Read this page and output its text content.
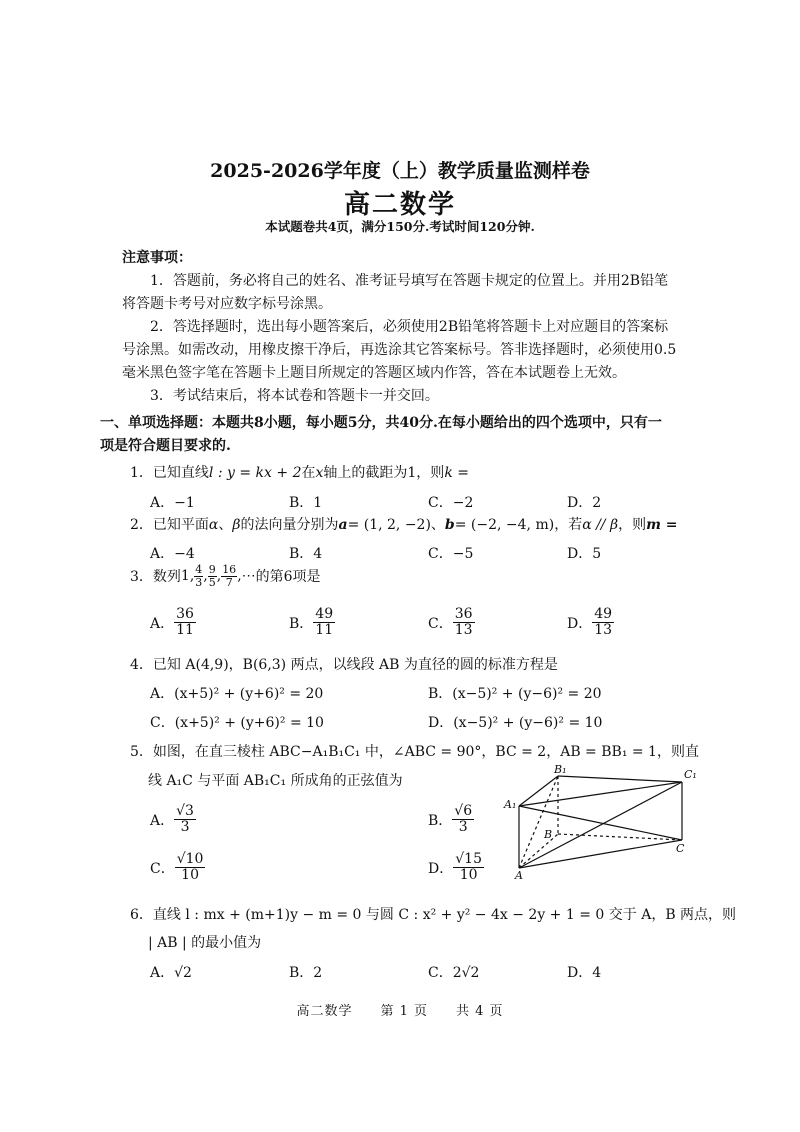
2025-2026学年度（上）教学质量监测样卷
高二数学
本试题卷共4页，满分150分.考试时间120分钟.
注意事项：
1．答题前，务必将自己的姓名、准考证号填写在答题卡规定的位置上。并用2B铅笔将答题卡考号对应数字标号涂黑。
2．答选择题时，选出每小题答案后，必须使用2B铅笔将答题卡上对应题目的答案标号涂黑。如需改动，用橡皮擦干净后，再选涂其它答案标号。答非选择题时，必须使用0.5毫米黑色签字笔在答题卡上题目所规定的答题区域内作答，答在本试题卷上无效。
3．考试结束后，将本试卷和答题卡一并交回。
一、单项选择题：本题共8小题，每小题5分，共40分.在每小题给出的四个选项中，只有一项是符合题目要求的.
1．已知直线l : y = kx + 2在x轴上的截距为1，则k =
A．−1	B．1	C．−2	D．2
2．已知平面α、β的法向量分别为a= (1, 2, −2)、b= (−2, −4, m)，若α // β，则m =
A．−4	B．4	C．−5	D．5
3． 数列 1, $\frac{4}{3}$ , $\frac{9}{5}$ , $\frac{16}{7}$ ,⋯ 的第6项是
A． $\frac{36}{11}$	B． $\frac{49}{11}$	C． $\frac{36}{13}$	D． $\frac{49}{13}$
4．已知 A(4,9)，B(6,3) 两点，以线段 AB 为直径的圆的标准方程是
A．(x+5)² + (y+6)² = 20	B．(x−5)² + (y−6)² = 20
C．(x+5)² + (y+6)² = 10	D．(x−5)² + (y−6)² = 10
5．如图，在直三棱柱 ABC−A₁B₁C₁ 中，∠ABC = 90°，BC = 2，AB = BB₁ = 1，则直
线 A₁C 与平面 AB₁C₁ 所成角的正弦值为
A． $\frac{√3}{3}$	B． $\frac{√6}{3}$
C． $\frac{√10}{10}$	D． $\frac{√15}{10}$
B₁	C₁
A₁
B
C
A
6．直线 l : mx + (m+1)y − m = 0 与圆 C : x² + y² − 4x − 2y + 1 = 0 交于 A，B 两点，则
| AB | 的最小值为
A．√2	B．2	C．2√2	D．4
高二数学　　第 1 页　　共 4 页
